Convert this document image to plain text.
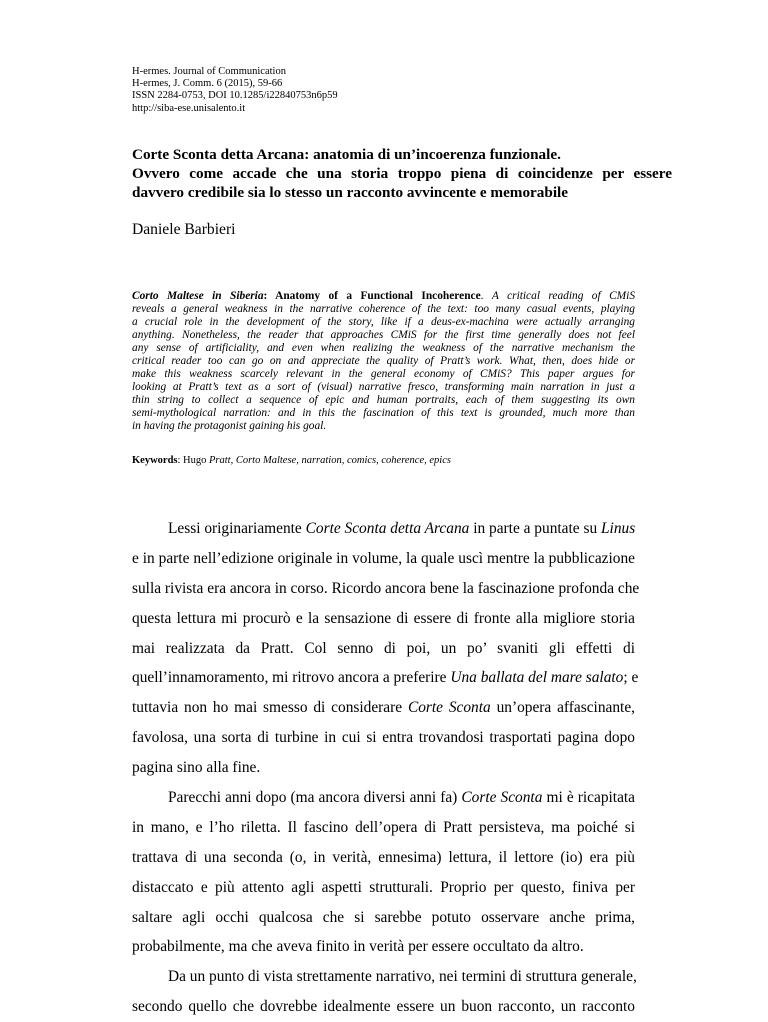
H-ermes. Journal of Communication
H-ermes, J. Comm. 6 (2015), 59-66
ISSN 2284-0753, DOI 10.1285/i22840753n6p59
http://siba-ese.unisalento.it
Corte Sconta detta Arcana: anatomia di un’incoerenza funzionale.
Ovvero come accade che una storia troppo piena di coincidenze per essere
davvero credibile sia lo stesso un racconto avvincente e memorabile
Daniele Barbieri
Corto Maltese in Siberia: Anatomy of a Functional Incoherence. A critical reading of CMiS
reveals a general weakness in the narrative coherence of the text: too many casual events, playing
a crucial role in the development of the story, like if a deus-ex-machina were actually arranging
anything. Nonetheless, the reader that approaches CMiS for the first time generally does not feel
any sense of artificiality, and even when realizing the weakness of the narrative mechanism the
critical reader too can go on and appreciate the quality of Pratt’s work. What, then, does hide or
make this weakness scarcely relevant in the general economy of CMiS? This paper argues for
looking at Pratt’s text as a sort of (visual) narrative fresco, transforming main narration in just a
thin string to collect a sequence of epic and human portraits, each of them suggesting its own
semi-mythological narration: and in this the fascination of this text is grounded, much more than
in having the protagonist gaining his goal.
Keywords: Hugo Pratt, Corto Maltese, narration, comics, coherence, epics
Lessi originariamente Corte Sconta detta Arcana in parte a puntate su Linus
e in parte nell’edizione originale in volume, la quale uscì mentre la pubblicazione
sulla rivista era ancora in corso. Ricordo ancora bene la fascinazione profonda che
questa lettura mi procurò e la sensazione di essere di fronte alla migliore storia
mai realizzata da Pratt. Col senno di poi, un po’ svaniti gli effetti di
quell’innamoramento, mi ritrovo ancora a preferire Una ballata del mare salato; e
tuttavia non ho mai smesso di considerare Corte Sconta un’opera affascinante,
favolosa, una sorta di turbine in cui si entra trovandosi trasportati pagina dopo
pagina sino alla fine.
Parecchi anni dopo (ma ancora diversi anni fa) Corte Sconta mi è ricapitata
in mano, e l’ho riletta. Il fascino dell’opera di Pratt persisteva, ma poiché si
trattava di una seconda (o, in verità, ennesima) lettura, il lettore (io) era più
distaccato e più attento agli aspetti strutturali. Proprio per questo, finiva per
saltare agli occhi qualcosa che si sarebbe potuto osservare anche prima,
probabilmente, ma che aveva finito in verità per essere occultato da altro.
Da un punto di vista strettamente narrativo, nei termini di struttura generale,
secondo quello che dovrebbe idealmente essere un buon racconto, un racconto
